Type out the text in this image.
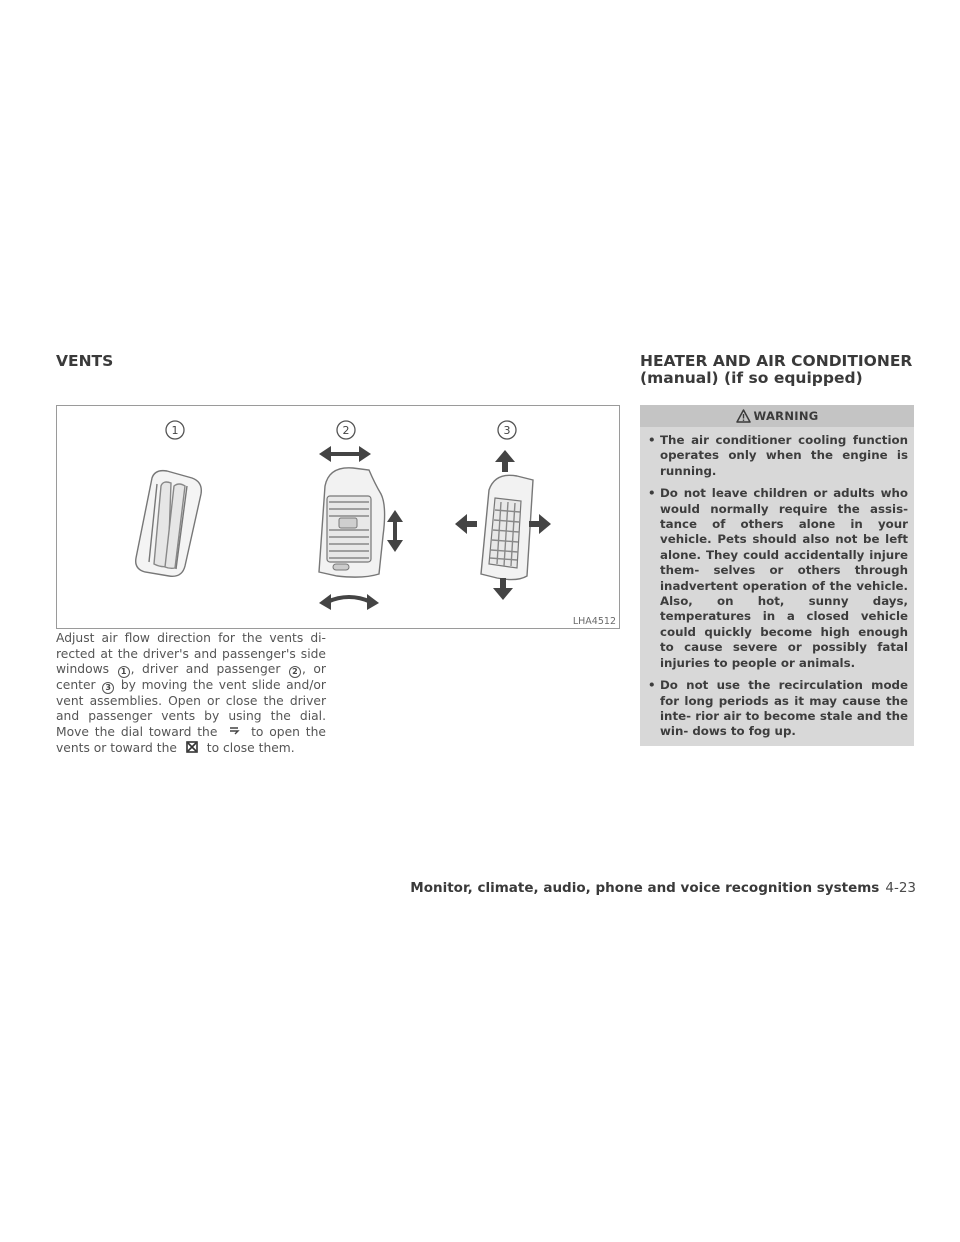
VENTS	HEATER AND AIR CONDITIONER
(manual) (if so equipped)
1	2	3
LHA4512

Adjust air flow direction for the vents di- rected at the driver's and passenger's side windows 1 , driver and passenger 2 , or center 3 by moving the vent slide and/or vent assemblies. Open or close the driver and passenger vents by using the dial. Move the dial toward the	to open the vents or toward the to close them.

WARNING
• The air conditioner cooling function operates only when the engine is running.
• Do not leave children or adults who would normally require the assis- tance of others alone in your vehicle. Pets should also not be left alone. They could accidentally injure them- selves or others through inadvertent operation of the vehicle. Also, on hot, sunny days, temperatures in a closed vehicle could quickly become high enough to cause severe or possibly fatal injuries to people or animals.
• Do not use the recirculation mode for long periods as it may cause the inte- rior air to become stale and the win- dows to fog up.
Monitor, climate, audio, phone and voice recognition systems 4-23
